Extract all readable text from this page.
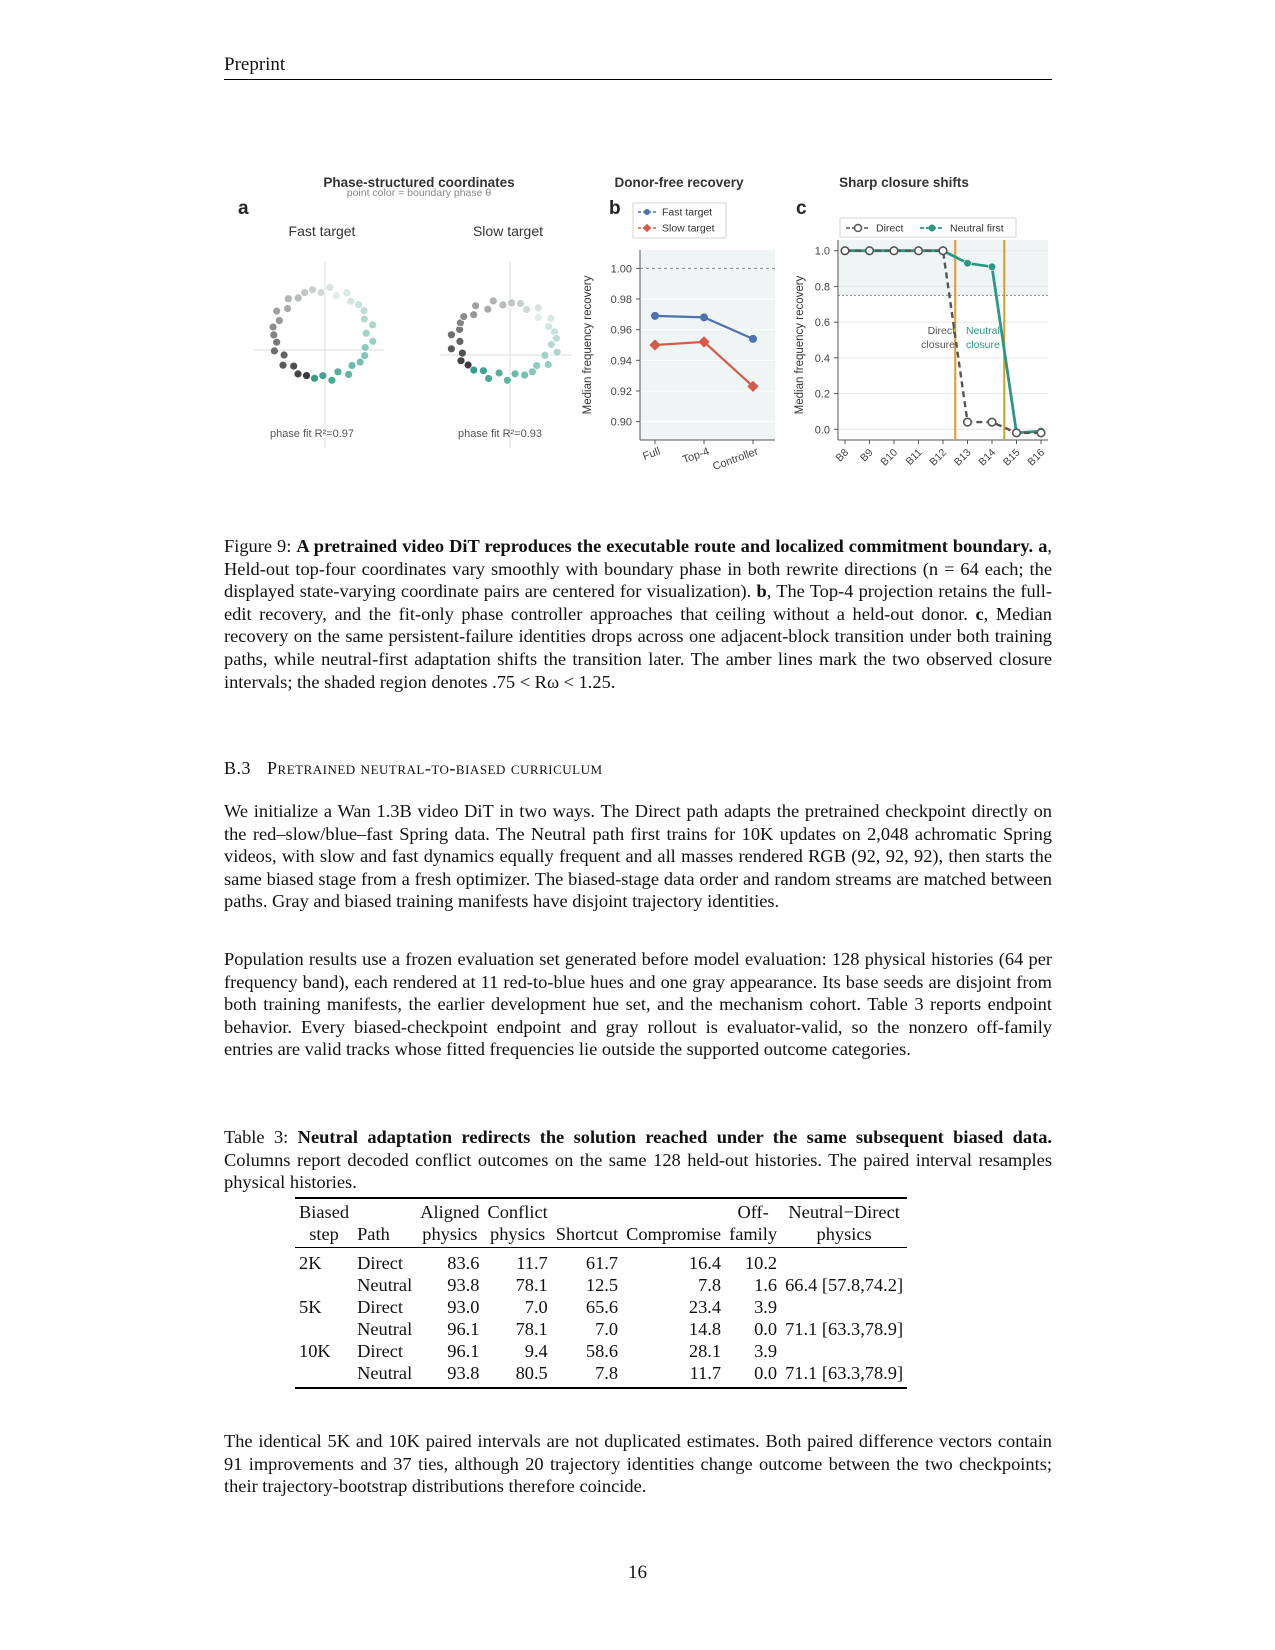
Preprint
a
Phase-structured coordinates
point color = boundary phase θ
Fast target	Slow target
phase fit R²=0.97	phase fit R²=0.93
b
Donor-free recovery
Median frequency recovery
0.90
0.92
0.94
0.96
0.98
1.00
Full Top-4 Controller
Fast target
Slow target
c
Sharp closure shifts
Median frequency recovery
0.0
0.2
0.4
0.6
0.8
1.0
B8 B9 B10 B11 B12 B13 B14 B15 B16
Direct
closure
Neutral
closure
Direct	Neutral first
Figure 9: A pretrained video DiT reproduces the executable route and localized commitment boundary. a, Held-out top-four coordinates vary smoothly with boundary phase in both rewrite directions (n = 64 each; the displayed state-varying coordinate pairs are centered for visualization). b, The Top-4 projection retains the full-edit recovery, and the fit-only phase controller approaches that ceiling without a held-out donor. c, Median recovery on the same persistent-failure identities drops across one adjacent-block transition under both training paths, while neutral-first adaptation shifts the transition later. The amber lines mark the two observed closure intervals; the shaded region denotes .75 < Rω < 1.25.
B.3 Pretrained neutral-to-biased curriculum
We initialize a Wan 1.3B video DiT in two ways. The Direct path adapts the pretrained checkpoint directly on the red–slow/blue–fast Spring data. The Neutral path first trains for 10K updates on 2,048 achromatic Spring videos, with slow and fast dynamics equally frequent and all masses rendered RGB (92, 92, 92), then starts the same biased stage from a fresh optimizer. The biased-stage data order and random streams are matched between paths. Gray and biased training manifests have disjoint trajectory identities.
Population results use a frozen evaluation set generated before model evaluation: 128 physical histories (64 per frequency band), each rendered at 11 red-to-blue hues and one gray appearance. Its base seeds are disjoint from both training manifests, the earlier development hue set, and the mechanism cohort. Table 3 reports endpoint behavior. Every biased-checkpoint endpoint and gray rollout is evaluator-valid, so the nonzero off-family entries are valid tracks whose fitted frequencies lie outside the supported outcome categories.
Table 3: Neutral adaptation redirects the solution reached under the same subsequent biased data. Columns report decoded conflict outcomes on the same 128 held-out histories. The paired interval resamples physical histories.
Biased
step	Path	Aligned
physics	Conflict
physics	Shortcut	Compromise	Off-
family	Neutral−Direct
physics
2K	Direct	83.6	11.7	61.7	16.4	10.2	
	Neutral	93.8	78.1	12.5	7.8	1.6	66.4 [57.8,74.2]
5K	Direct	93.0	7.0	65.6	23.4	3.9	
	Neutral	96.1	78.1	7.0	14.8	0.0	71.1 [63.3,78.9]
10K	Direct	96.1	9.4	58.6	28.1	3.9	
	Neutral	93.8	80.5	7.8	11.7	0.0	71.1 [63.3,78.9]
The identical 5K and 10K paired intervals are not duplicated estimates. Both paired difference vectors contain 91 improvements and 37 ties, although 20 trajectory identities change outcome between the two checkpoints; their trajectory-bootstrap distributions therefore coincide.
16
